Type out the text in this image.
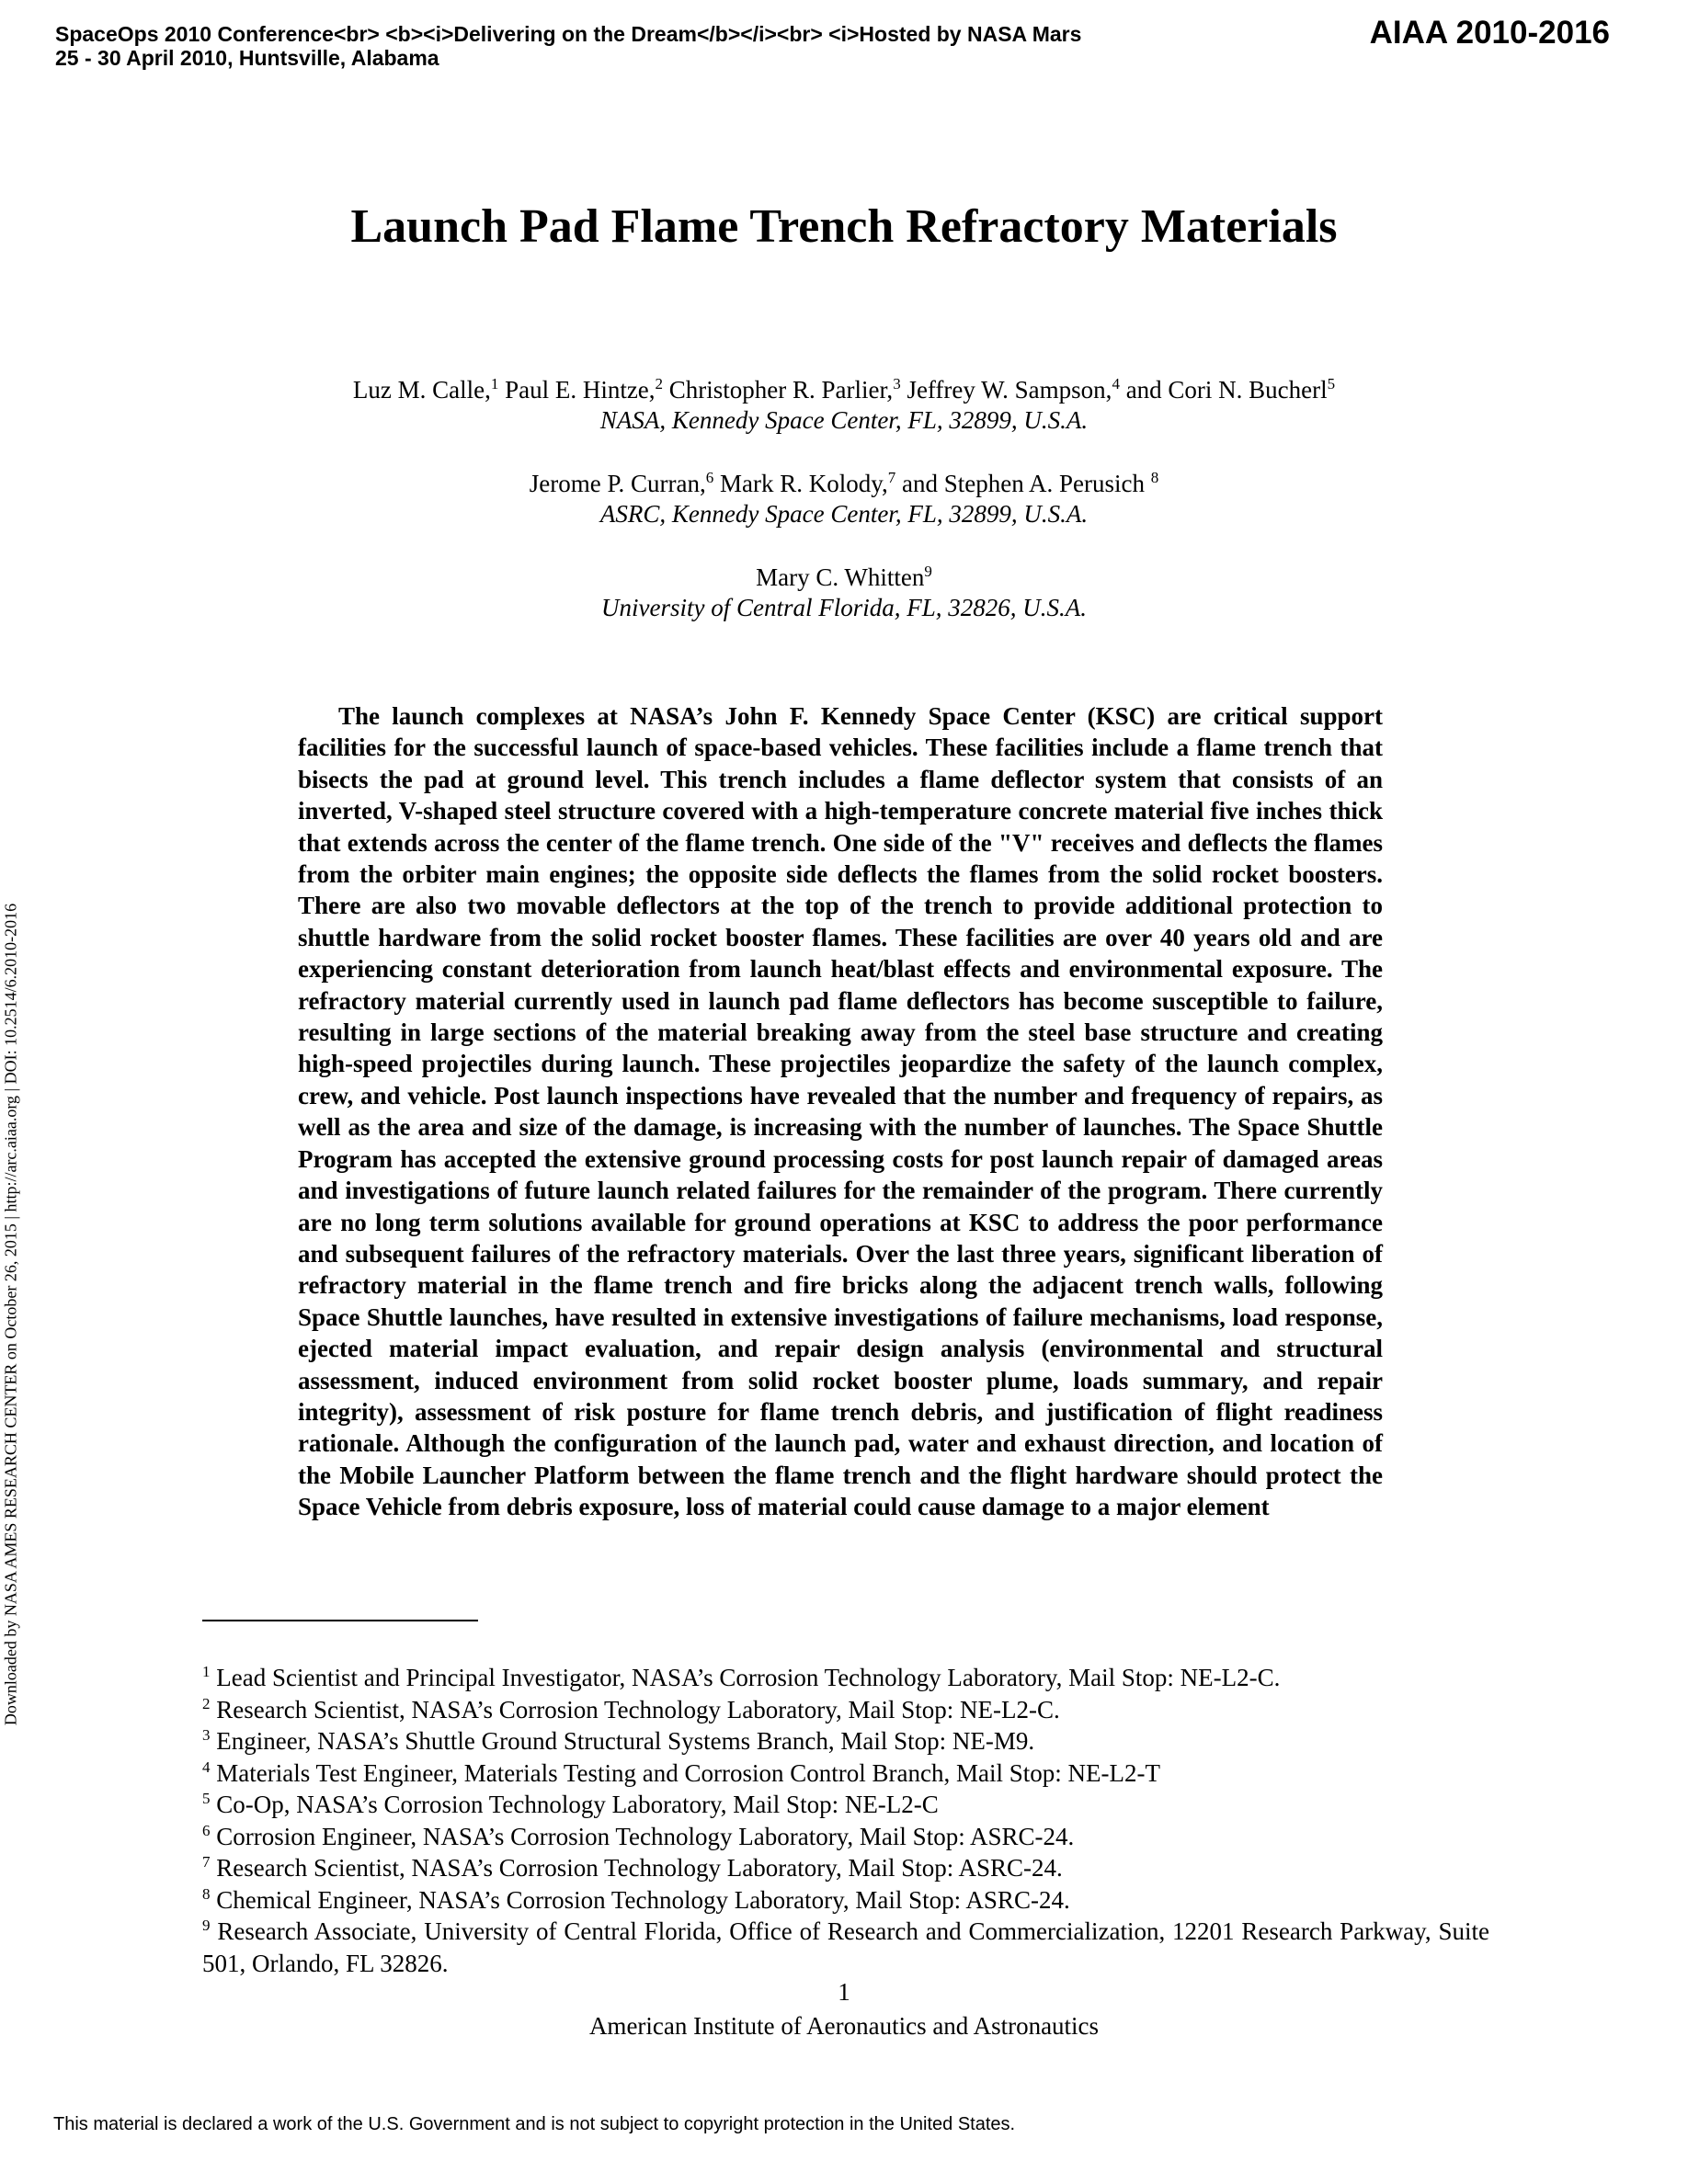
SpaceOps 2010 Conference<br> <b><i>Delivering on the Dream</b></i><br> <i>Hosted by NASA Mars
25 - 30 April 2010, Huntsville, Alabama
AIAA 2010-2016
Downloaded by NASA AMES RESEARCH CENTER on October 26, 2015 | http://arc.aiaa.org | DOI: 10.2514/6.2010-2016
Launch Pad Flame Trench Refractory Materials
Luz M. Calle,$^1$ Paul E. Hintze,$^2$ Christopher R. Parlier,$^3$ Jeffrey W. Sampson,$^4$ and Cori N. Bucherl$^5$
NASA, Kennedy Space Center, FL, 32899, U.S.A.
Jerome P. Curran,$^6$ Mark R. Kolody,$^7$ and Stephen A. Perusich $^8$
ASRC, Kennedy Space Center, FL, 32899, U.S.A.
Mary C. Whitten$^9$
University of Central Florida, FL, 32826, U.S.A.

The launch complexes at NASA’s John F. Kennedy Space Center (KSC) are critical support facilities for the successful launch of space-based vehicles. These facilities include a flame trench that bisects the pad at ground level. This trench includes a flame deflector system that consists of an inverted, V-shaped steel structure covered with a high-temperature concrete material five inches thick that extends across the center of the flame trench. One side of the "V" receives and deflects the flames from the orbiter main engines; the opposite side deflects the flames from the solid rocket boosters. There are also two movable deflectors at the top of the trench to provide additional protection to shuttle hardware from the solid rocket booster flames. These facilities are over 40 years old and are experiencing constant deterioration from launch heat/blast effects and environmental exposure. The refractory material currently used in launch pad flame deflectors has become susceptible to failure, resulting in large sections of the material breaking away from the steel base structure and creating high-speed projectiles during launch. These projectiles jeopardize the safety of the launch complex, crew, and vehicle. Post launch inspections have revealed that the number and frequency of repairs, as well as the area and size of the damage, is increasing with the number of launches. The Space Shuttle Program has accepted the extensive ground processing costs for post launch repair of damaged areas and investigations of future launch related failures for the remainder of the program. There currently are no long term solutions available for ground operations at KSC to address the poor performance and subsequent failures of the refractory materials. Over the last three years, significant liberation of refractory material in the flame trench and fire bricks along the adjacent trench walls, following Space Shuttle launches, have resulted in extensive investigations of failure mechanisms, load response, ejected material impact evaluation, and repair design analysis (environmental and structural assessment, induced environment from solid rocket booster plume, loads summary, and repair integrity), assessment of risk posture for flame trench debris, and justification of flight readiness rationale. Although the configuration of the launch pad, water and exhaust direction, and location of the Mobile Launcher Platform between the flame trench and the flight hardware should protect the Space Vehicle from debris exposure, loss of material could cause damage to a major element

$^1$ Lead Scientist and Principal Investigator, NASA’s Corrosion Technology Laboratory, Mail Stop: NE-L2-C.
$^2$ Research Scientist, NASA’s Corrosion Technology Laboratory, Mail Stop: NE-L2-C.
$^3$ Engineer, NASA’s Shuttle Ground Structural Systems Branch, Mail Stop: NE-M9.
$^4$ Materials Test Engineer, Materials Testing and Corrosion Control Branch, Mail Stop: NE-L2-T
$^5$ Co-Op, NASA’s Corrosion Technology Laboratory, Mail Stop: NE-L2-C
$^6$ Corrosion Engineer, NASA’s Corrosion Technology Laboratory, Mail Stop: ASRC-24.
$^7$ Research Scientist, NASA’s Corrosion Technology Laboratory, Mail Stop: ASRC-24.
$^8$ Chemical Engineer, NASA’s Corrosion Technology Laboratory, Mail Stop: ASRC-24.
$^9$ Research Associate, University of Central Florida, Office of Research and Commercialization, 12201 Research Parkway, Suite 501, Orlando, FL 32826.
1
American Institute of Aeronautics and Astronautics
This material is declared a work of the U.S. Government and is not subject to copyright protection in the United States.
